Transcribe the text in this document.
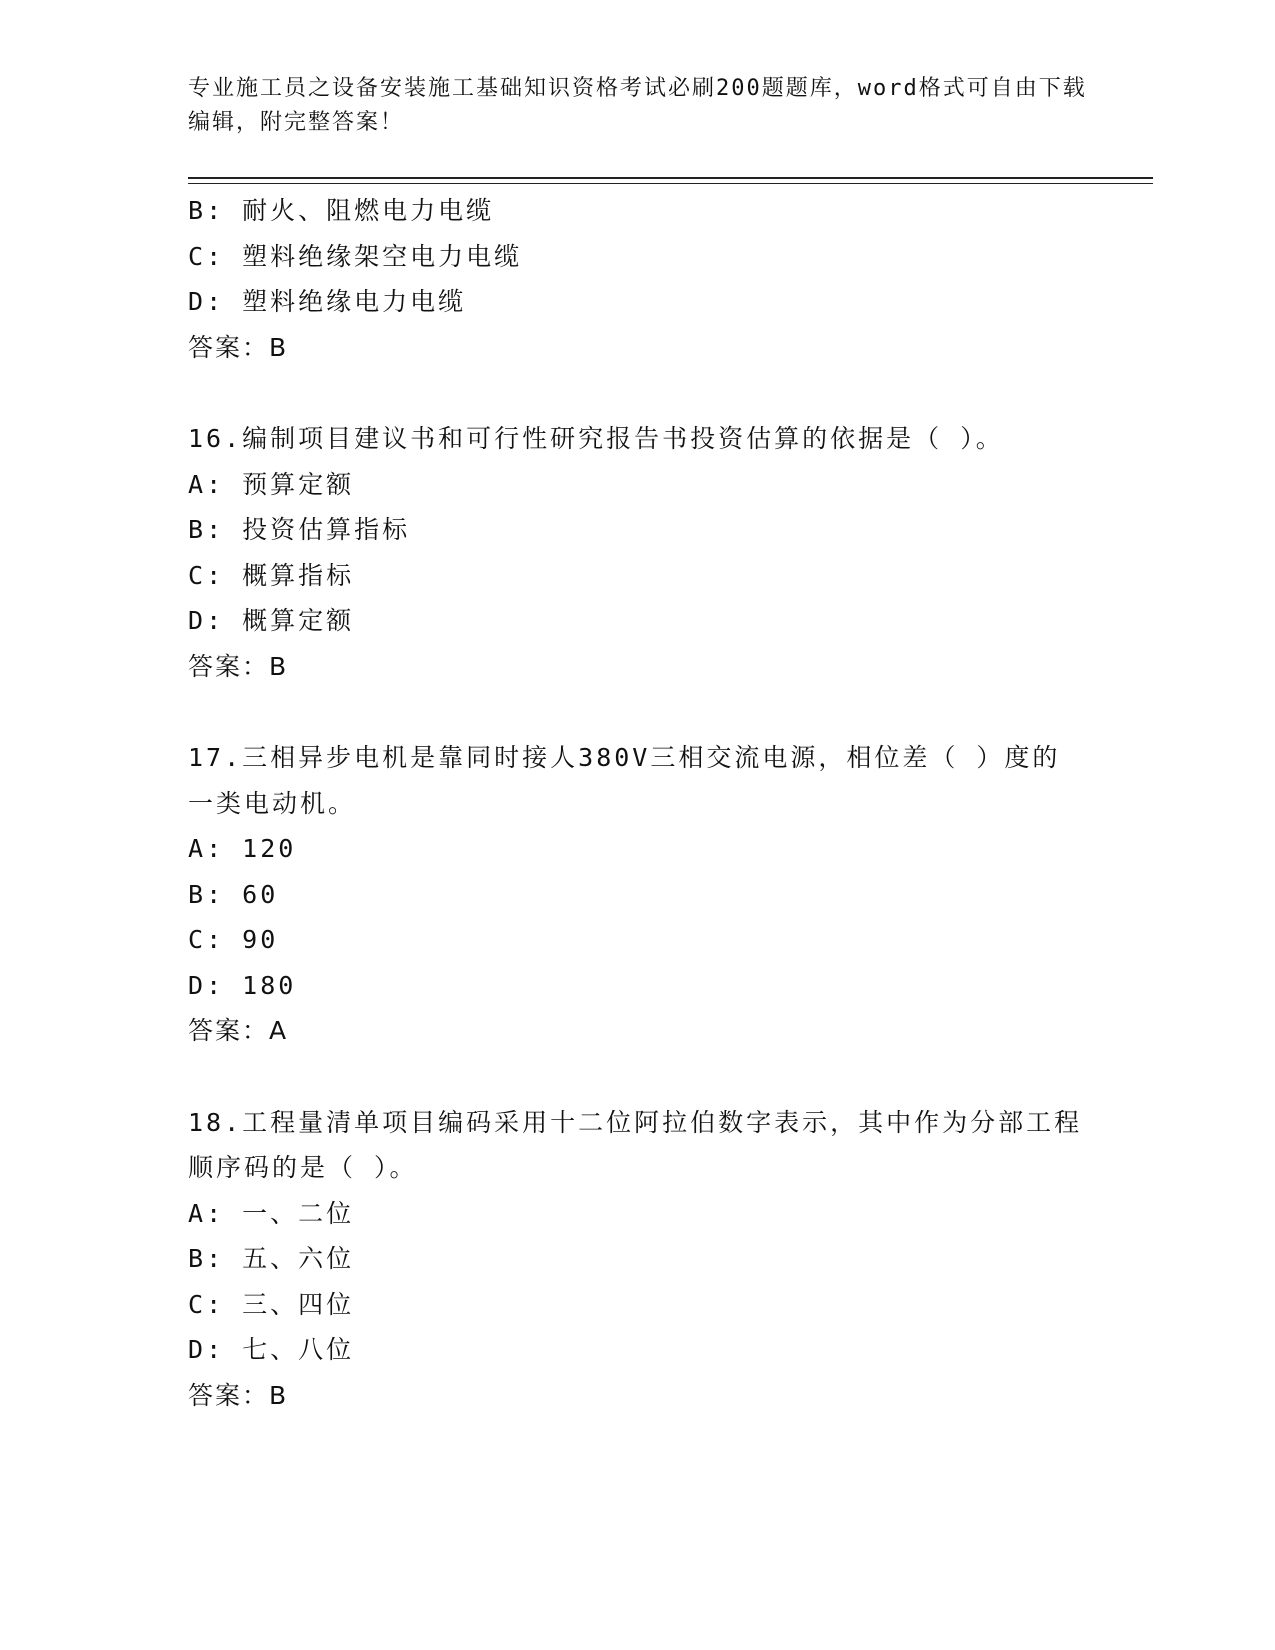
专业施工员之设备安装施工基础知识资格考试必刷200题题库，word格式可自由下载编辑，附完整答案！
B: 耐火、阻燃电力电缆
C: 塑料绝缘架空电力电缆
D: 塑料绝缘电力电缆
答案：B
16.编制项目建议书和可行性研究报告书投资估算的依据是（ ）。
A: 预算定额
B: 投资估算指标
C: 概算指标
D: 概算定额
答案：B
17.三相异步电机是靠同时接人380V三相交流电源，相位差（ ）度的一类电动机。
A: 120
B: 60
C: 90
D: 180
答案：A
18.工程量清单项目编码采用十二位阿拉伯数字表示，其中作为分部工程顺序码的是（ ）。
A: 一、二位
B: 五、六位
C: 三、四位
D: 七、八位
答案：B
